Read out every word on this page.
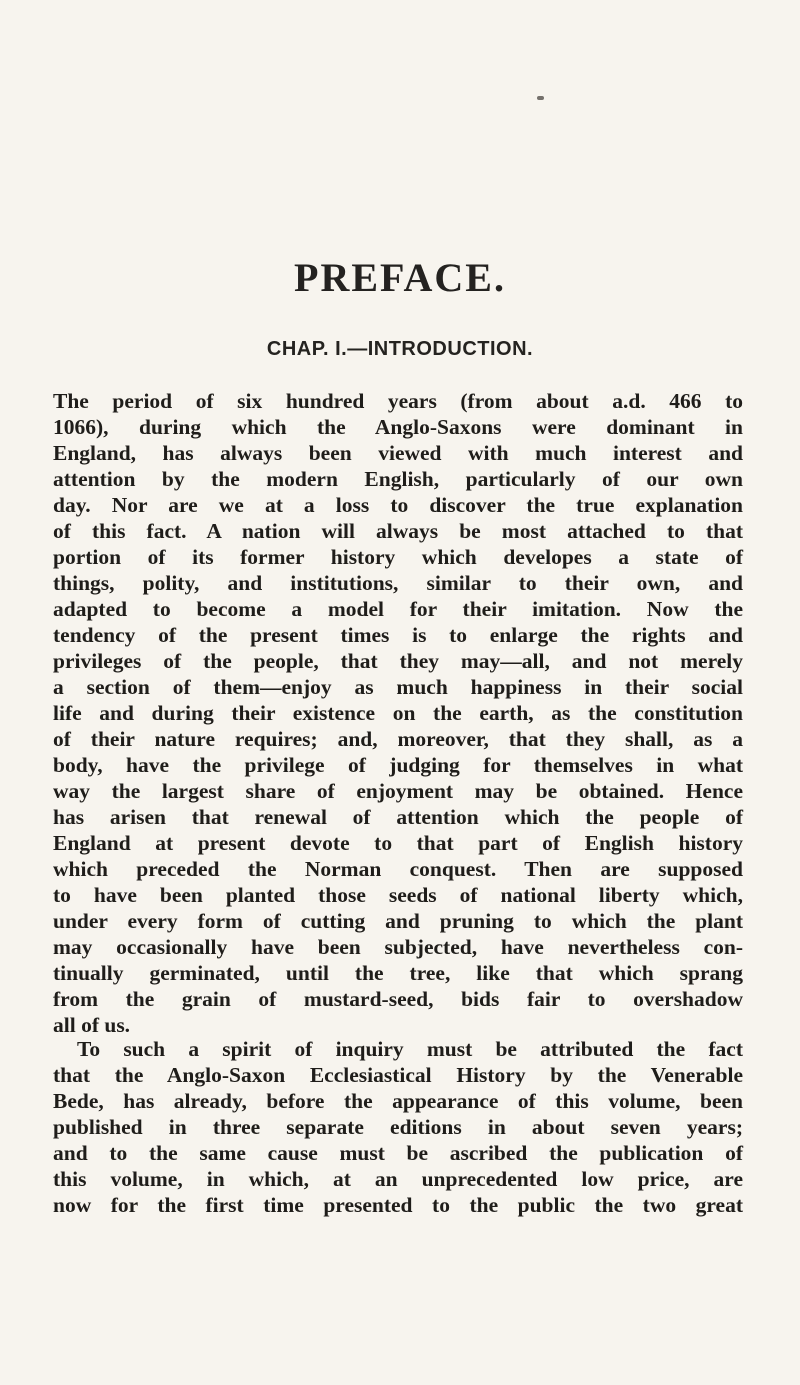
PREFACE.
CHAP. I.—INTRODUCTION.
The period of six hundred years (from about a.d. 466 to
1066), during which the Anglo-Saxons were dominant in
England, has always been viewed with much interest and
attention by the modern English, particularly of our own
day. Nor are we at a loss to discover the true explanation
of this fact. A nation will always be most attached to that
portion of its former history which developes a state of
things, polity, and institutions, similar to their own, and
adapted to become a model for their imitation. Now the
tendency of the present times is to enlarge the rights and
privileges of the people, that they may—all, and not merely
a section of them—enjoy as much happiness in their social
life and during their existence on the earth, as the constitution
of their nature requires; and, moreover, that they shall, as a
body, have the privilege of judging for themselves in what
way the largest share of enjoyment may be obtained. Hence
has arisen that renewal of attention which the people of
England at present devote to that part of English history
which preceded the Norman conquest. Then are supposed
to have been planted those seeds of national liberty which,
under every form of cutting and pruning to which the plant
may occasionally have been subjected, have nevertheless con-
tinually germinated, until the tree, like that which sprang
from the grain of mustard-seed, bids fair to overshadow
all of us.
To such a spirit of inquiry must be attributed the fact
that the Anglo-Saxon Ecclesiastical History by the Venerable
Bede, has already, before the appearance of this volume, been
published in three separate editions in about seven years;
and to the same cause must be ascribed the publication of
this volume, in which, at an unprecedented low price, are
now for the first time presented to the public the two great
